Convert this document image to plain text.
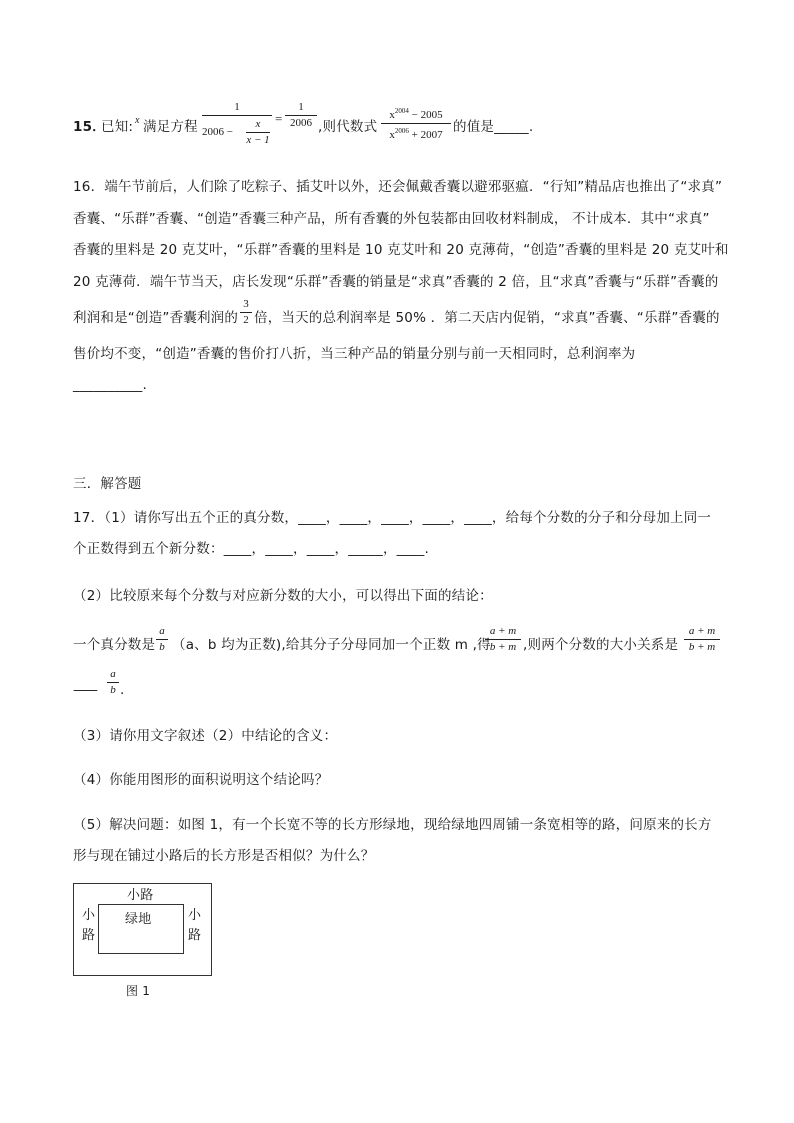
15．
已知: x 满足方程
1
2006 −
x
x − 1
=
1
2006 ,则代数式
$x^{2004} - 2005$
$x^{2006} + 2007$ 的值是_____.
16．端午节前后，人们除了吃粽子、插艾叶以外，还会佩戴香囊以避邪驱瘟．“行知”精品店也推出了“求真”
香囊、“乐群”香囊、“创造”香囊三种产品，所有香囊的外包装都由回收材料制成， 不计成本．其中“求真”
香囊的里料是 20 克艾叶，“乐群”香囊的里料是 10 克艾叶和 20 克薄荷，“创造”香囊的里料是 20 克艾叶和
20 克薄荷．端午节当天，店长发现“乐群”香囊的销量是“求真”香囊的 2 倍，且“求真”香囊与“乐群”香囊的
利润和是“创造”香囊利润的
3
2 倍，当天的总利润率是 50% ．第二天店内促销，“求真”香囊、“乐群”香囊的
售价均不变，“创造”香囊的售价打八折，当三种产品的销量分别与前一天相同时，总利润率为
__________.
三．解答题
17．（1）请你写出五个正的真分数，____，____，____，____，____，给每个分数的分子和分母加上同一
个正数得到五个新分数：____，____，____，_____，____.
（2）比较原来每个分数与对应新分数的大小，可以得出下面的结论：
一个真分数是
a
b （a、b 均为正数),给其分子分母同加一个正数 m ,得
a + m
b + m ,则两个分数的大小关系是
a + m
b + m
——
a
b .
（3）请你用文字叙述（2）中结论的含义：
（4）你能用图形的面积说明这个结论吗？
（5）解决问题：如图 1，有一个长宽不等的长方形绿地，现给绿地四周铺一条宽相等的路，问原来的长方
形与现在铺过小路后的长方形是否相似？为什么？
小路
小
路
小
路
绿地
图 1
